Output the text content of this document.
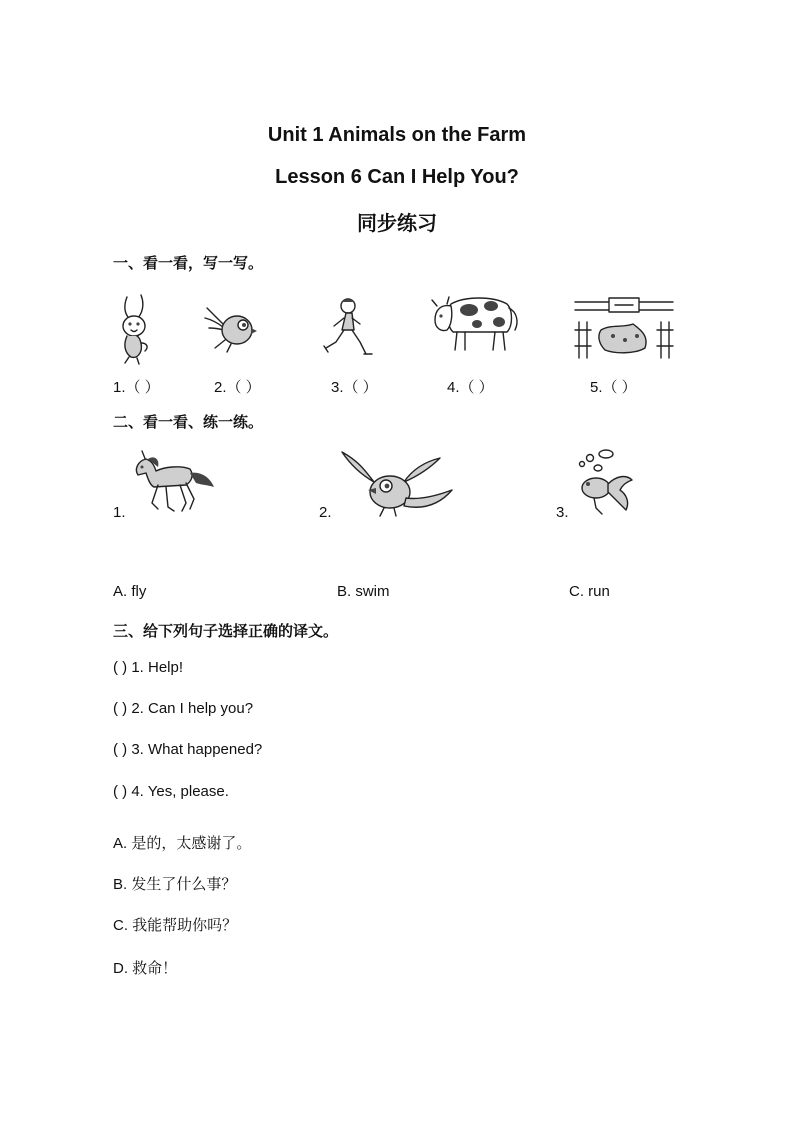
Unit 1 Animals on the Farm
Lesson 6 Can I Help You?
同步练习
一、看一看，写一写。
1.（ ）	2.（ ）	3.（ ）	4.（ ）	5.（ ）
二、看一看、练一练。
1.	2.	3.
A. fly	B. swim	C. run
三、给下列句子选择正确的译文。
( ) 1. Help!
( ) 2. Can I help you?
( ) 3. What happened?
( ) 4. Yes, please.
A. 是的，太感谢了。
B. 发生了什么事？
C. 我能帮助你吗？
D. 救命！
